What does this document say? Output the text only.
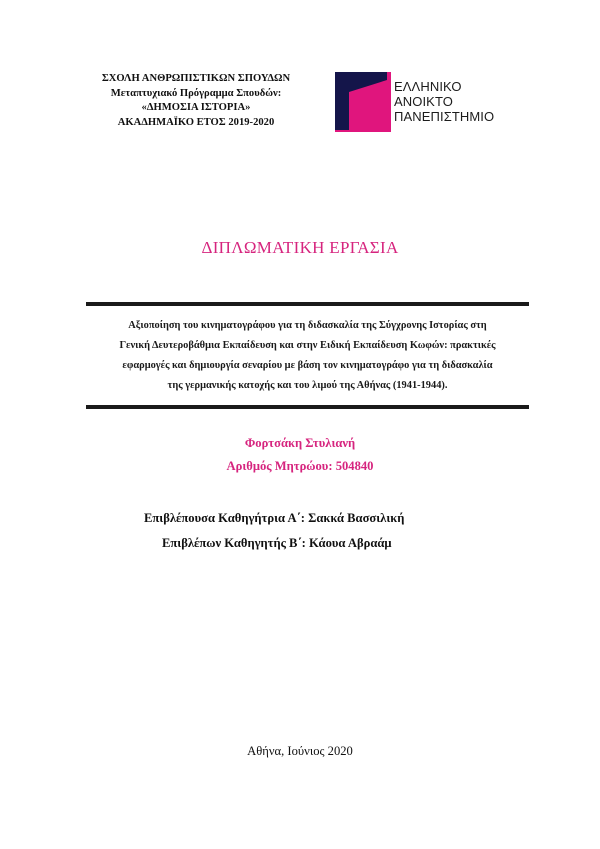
ΣΧΟΛΗ ΑΝΘΡΩΠΙΣΤΙΚΩΝ ΣΠΟΥΔΩΝ
Μεταπτυχιακό Πρόγραμμα Σπουδών:
«ΔΗΜΟΣΙΑ ΙΣΤΟΡΙΑ»
ΑΚΑΔΗΜΑΪΚΟ ΕΤΟΣ 2019-2020
ΕΛΛΗΝΙΚΟ
ΑΝΟΙΚΤΟ
ΠΑΝΕΠΙΣΤΗΜΙΟ
ΔΙΠΛΩΜΑΤΙΚΗ ΕΡΓΑΣΙΑ
Αξιοποίηση του κινηματογράφου για τη διδασκαλία της Σύγχρονης Ιστορίας στη
Γενική Δευτεροβάθμια Εκπαίδευση και στην Ειδική Εκπαίδευση Κωφών: πρακτικές
εφαρμογές και δημιουργία σεναρίου με βάση τον κινηματογράφο για τη διδασκαλία
της γερμανικής κατοχής και του λιμού της Αθήνας (1941-1944).
Φορτσάκη Στυλιανή
Αριθμός Μητρώου: 504840
Επιβλέπουσα Καθηγήτρια Α΄: Σακκά Βασσιλική
Επιβλέπων Καθηγητής Β΄: Κάουα Αβραάμ
Αθήνα, Ιούνιος 2020
